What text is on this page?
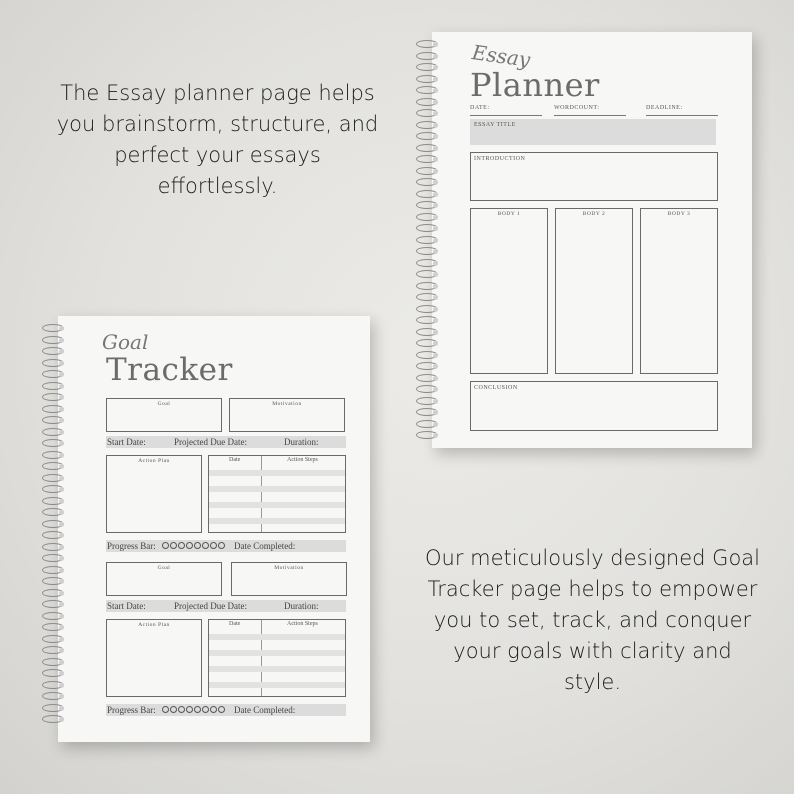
The Essay planner page helps
you brainstorm, structure, and
perfect your essays
effortlessly.
Our meticulously designed Goal
Tracker page helps to empower
you to set, track, and conquer
your goals with clarity and
style.
Essay
Planner
DATE:	WORDCOUNT:	DEADLINE:
ESSAY TITLE
INTRODUCTION
BODY 1	BODY 2	BODY 3
CONCLUSION
Goal
Tracker
Goal	Motivation
Start Date:	Projected Due Date:	Duration:
Action Plan	Date	Action Steps
Progress Bar:	Date Completed:
Goal	Motivation
Start Date:	Projected Due Date:	Duration:
Action Plan	Date	Action Steps
Progress Bar:	Date Completed:
